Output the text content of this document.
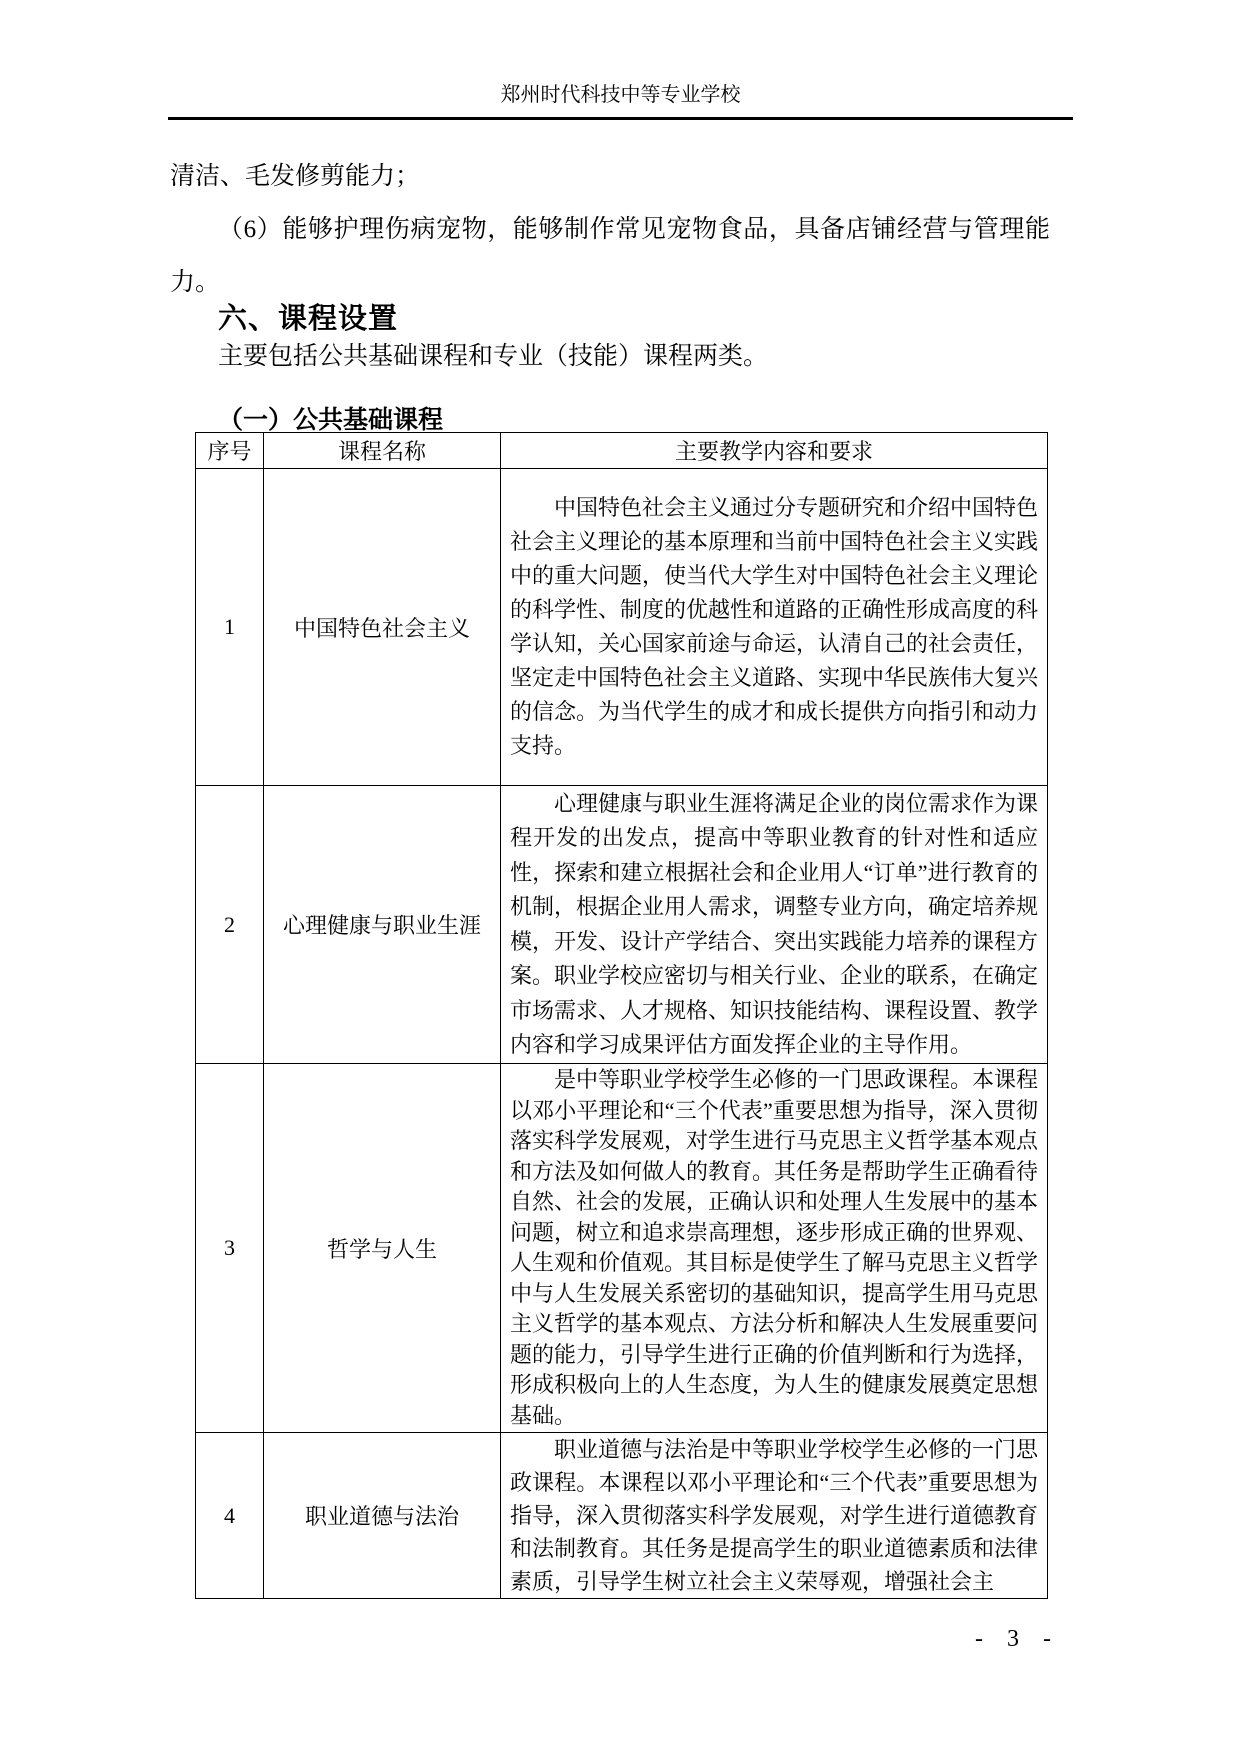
郑州时代科技中等专业学校
清洁、毛发修剪能力；
（6）能够护理伤病宠物，能够制作常见宠物食品，具备店铺经营与管理能力。
六、课程设置
主要包括公共基础课程和专业（技能）课程两类。
（一）公共基础课程
序号	课程名称	主要教学内容和要求
1	中国特色社会主义	中国特色社会主义通过分专题研究和介绍中国特色社会主义理论的基本原理和当前中国特色社会主义实践中的重大问题，使当代大学生对中国特色社会主义理论的科学性、制度的优越性和道路的正确性形成高度的科学认知，关心国家前途与命运，认清自己的社会责任，坚定走中国特色社会主义道路、实现中华民族伟大复兴的信念。为当代学生的成才和成长提供方向指引和动力支持。
2	心理健康与职业生涯	心理健康与职业生涯将满足企业的岗位需求作为课程开发的出发点，提高中等职业教育的针对性和适应性，探索和建立根据社会和企业用人“订单”进行教育的机制，根据企业用人需求，调整专业方向，确定培养规模，开发、设计产学结合、突出实践能力培养的课程方案。职业学校应密切与相关行业、企业的联系，在确定市场需求、人才规格、知识技能结构、课程设置、教学内容和学习成果评估方面发挥企业的主导作用。
3	哲学与人生	是中等职业学校学生必修的一门思政课程。本课程以邓小平理论和“三个代表”重要思想为指导，深入贯彻落实科学发展观，对学生进行马克思主义哲学基本观点和方法及如何做人的教育。其任务是帮助学生正确看待自然、社会的发展，正确认识和处理人生发展中的基本问题，树立和追求崇高理想，逐步形成正确的世界观、人生观和价值观。其目标是使学生了解马克思主义哲学中与人生发展关系密切的基础知识，提高学生用马克思主义哲学的基本观点、方法分析和解决人生发展重要问题的能力，引导学生进行正确的价值判断和行为选择，形成积极向上的人生态度，为人生的健康发展奠定思想基础。
4	职业道德与法治	职业道德与法治是中等职业学校学生必修的一门思政课程。本课程以邓小平理论和“三个代表”重要思想为指导，深入贯彻落实科学发展观，对学生进行道德教育和法制教育。其任务是提高学生的职业道德素质和法律素质，引导学生树立社会主义荣辱观，增强社会主
- 3 -
